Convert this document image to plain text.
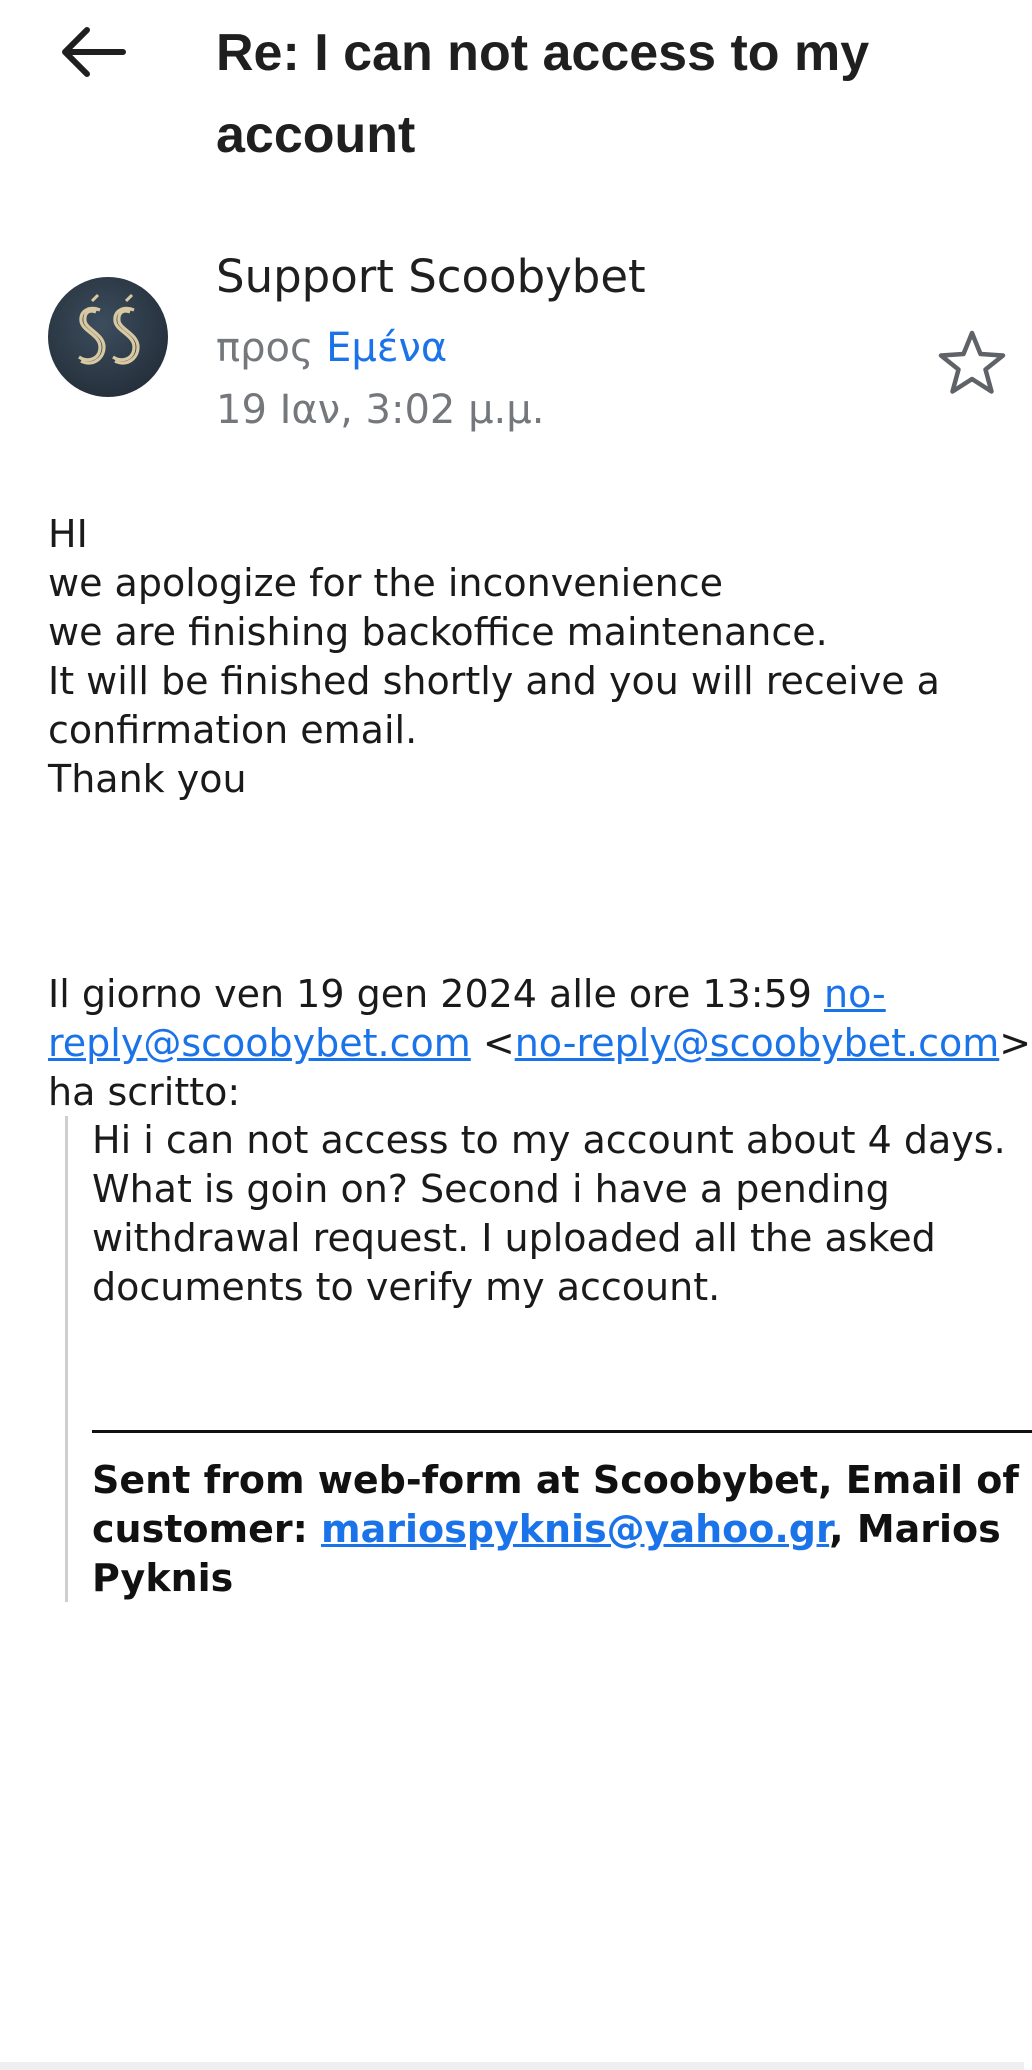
Re: I can not access to my
account
Support Scoobybet
προς Εμένα
19 Ιαν, 3:02 μ.μ.
HI
we apologize for the inconvenience
we are finishing backoffice maintenance.
It will be finished shortly and you will receive a
confirmation email.
Thank you
Il giorno ven 19 gen 2024 alle ore 13:59 no-
reply@scoobybet.com <no-reply@scoobybet.com>
ha scritto:
Hi i can not access to my account about 4 days.
What is goin on? Second i have a pending
withdrawal request. I uploaded all the asked
documents to verify my account.
Sent from web-form at Scoobybet, Email of
customer: mariospyknis@yahoo.gr, Marios
Pyknis
